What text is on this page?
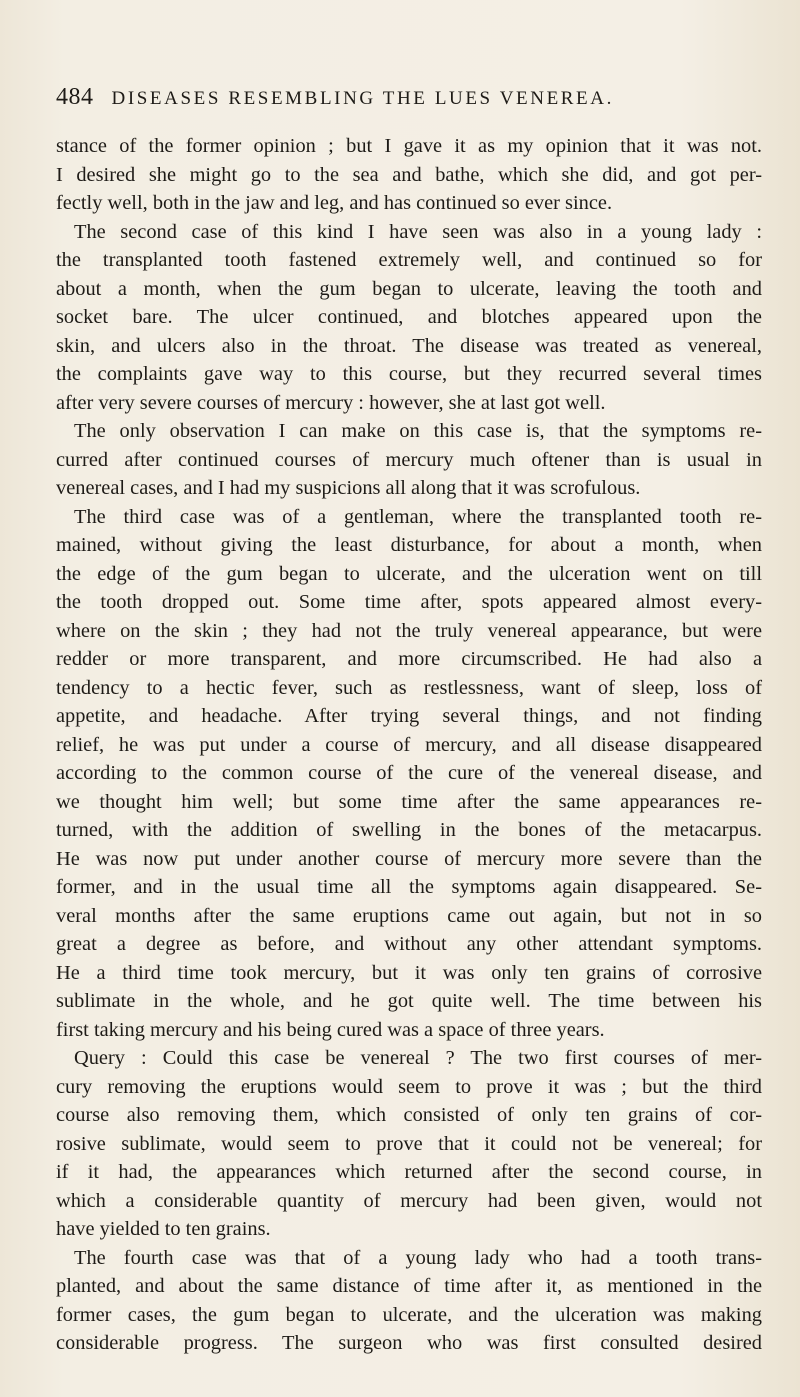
484 DISEASES RESEMBLING THE LUES VENEREA.
stance of the former opinion ; but I gave it as my opinion that it was not.
I desired she might go to the sea and bathe, which she did, and got per-
fectly well, both in the jaw and leg, and has continued so ever since.
The second case of this kind I have seen was also in a young lady :
the transplanted tooth fastened extremely well, and continued so for
about a month, when the gum began to ulcerate, leaving the tooth and
socket bare. The ulcer continued, and blotches appeared upon the
skin, and ulcers also in the throat. The disease was treated as venereal,
the complaints gave way to this course, but they recurred several times
after very severe courses of mercury : however, she at last got well.
The only observation I can make on this case is, that the symptoms re-
curred after continued courses of mercury much oftener than is usual in
venereal cases, and I had my suspicions all along that it was scrofulous.
The third case was of a gentleman, where the transplanted tooth re-
mained, without giving the least disturbance, for about a month, when
the edge of the gum began to ulcerate, and the ulceration went on till
the tooth dropped out. Some time after, spots appeared almost every-
where on the skin ; they had not the truly venereal appearance, but were
redder or more transparent, and more circumscribed. He had also a
tendency to a hectic fever, such as restlessness, want of sleep, loss of
appetite, and headache. After trying several things, and not finding
relief, he was put under a course of mercury, and all disease disappeared
according to the common course of the cure of the venereal disease, and
we thought him well; but some time after the same appearances re-
turned, with the addition of swelling in the bones of the metacarpus.
He was now put under another course of mercury more severe than the
former, and in the usual time all the symptoms again disappeared. Se-
veral months after the same eruptions came out again, but not in so
great a degree as before, and without any other attendant symptoms.
He a third time took mercury, but it was only ten grains of corrosive
sublimate in the whole, and he got quite well. The time between his
first taking mercury and his being cured was a space of three years.
Query : Could this case be venereal ? The two first courses of mer-
cury removing the eruptions would seem to prove it was ; but the third
course also removing them, which consisted of only ten grains of cor-
rosive sublimate, would seem to prove that it could not be venereal; for
if it had, the appearances which returned after the second course, in
which a considerable quantity of mercury had been given, would not
have yielded to ten grains.
The fourth case was that of a young lady who had a tooth trans-
planted, and about the same distance of time after it, as mentioned in the
former cases, the gum began to ulcerate, and the ulceration was making
considerable progress. The surgeon who was first consulted desired
